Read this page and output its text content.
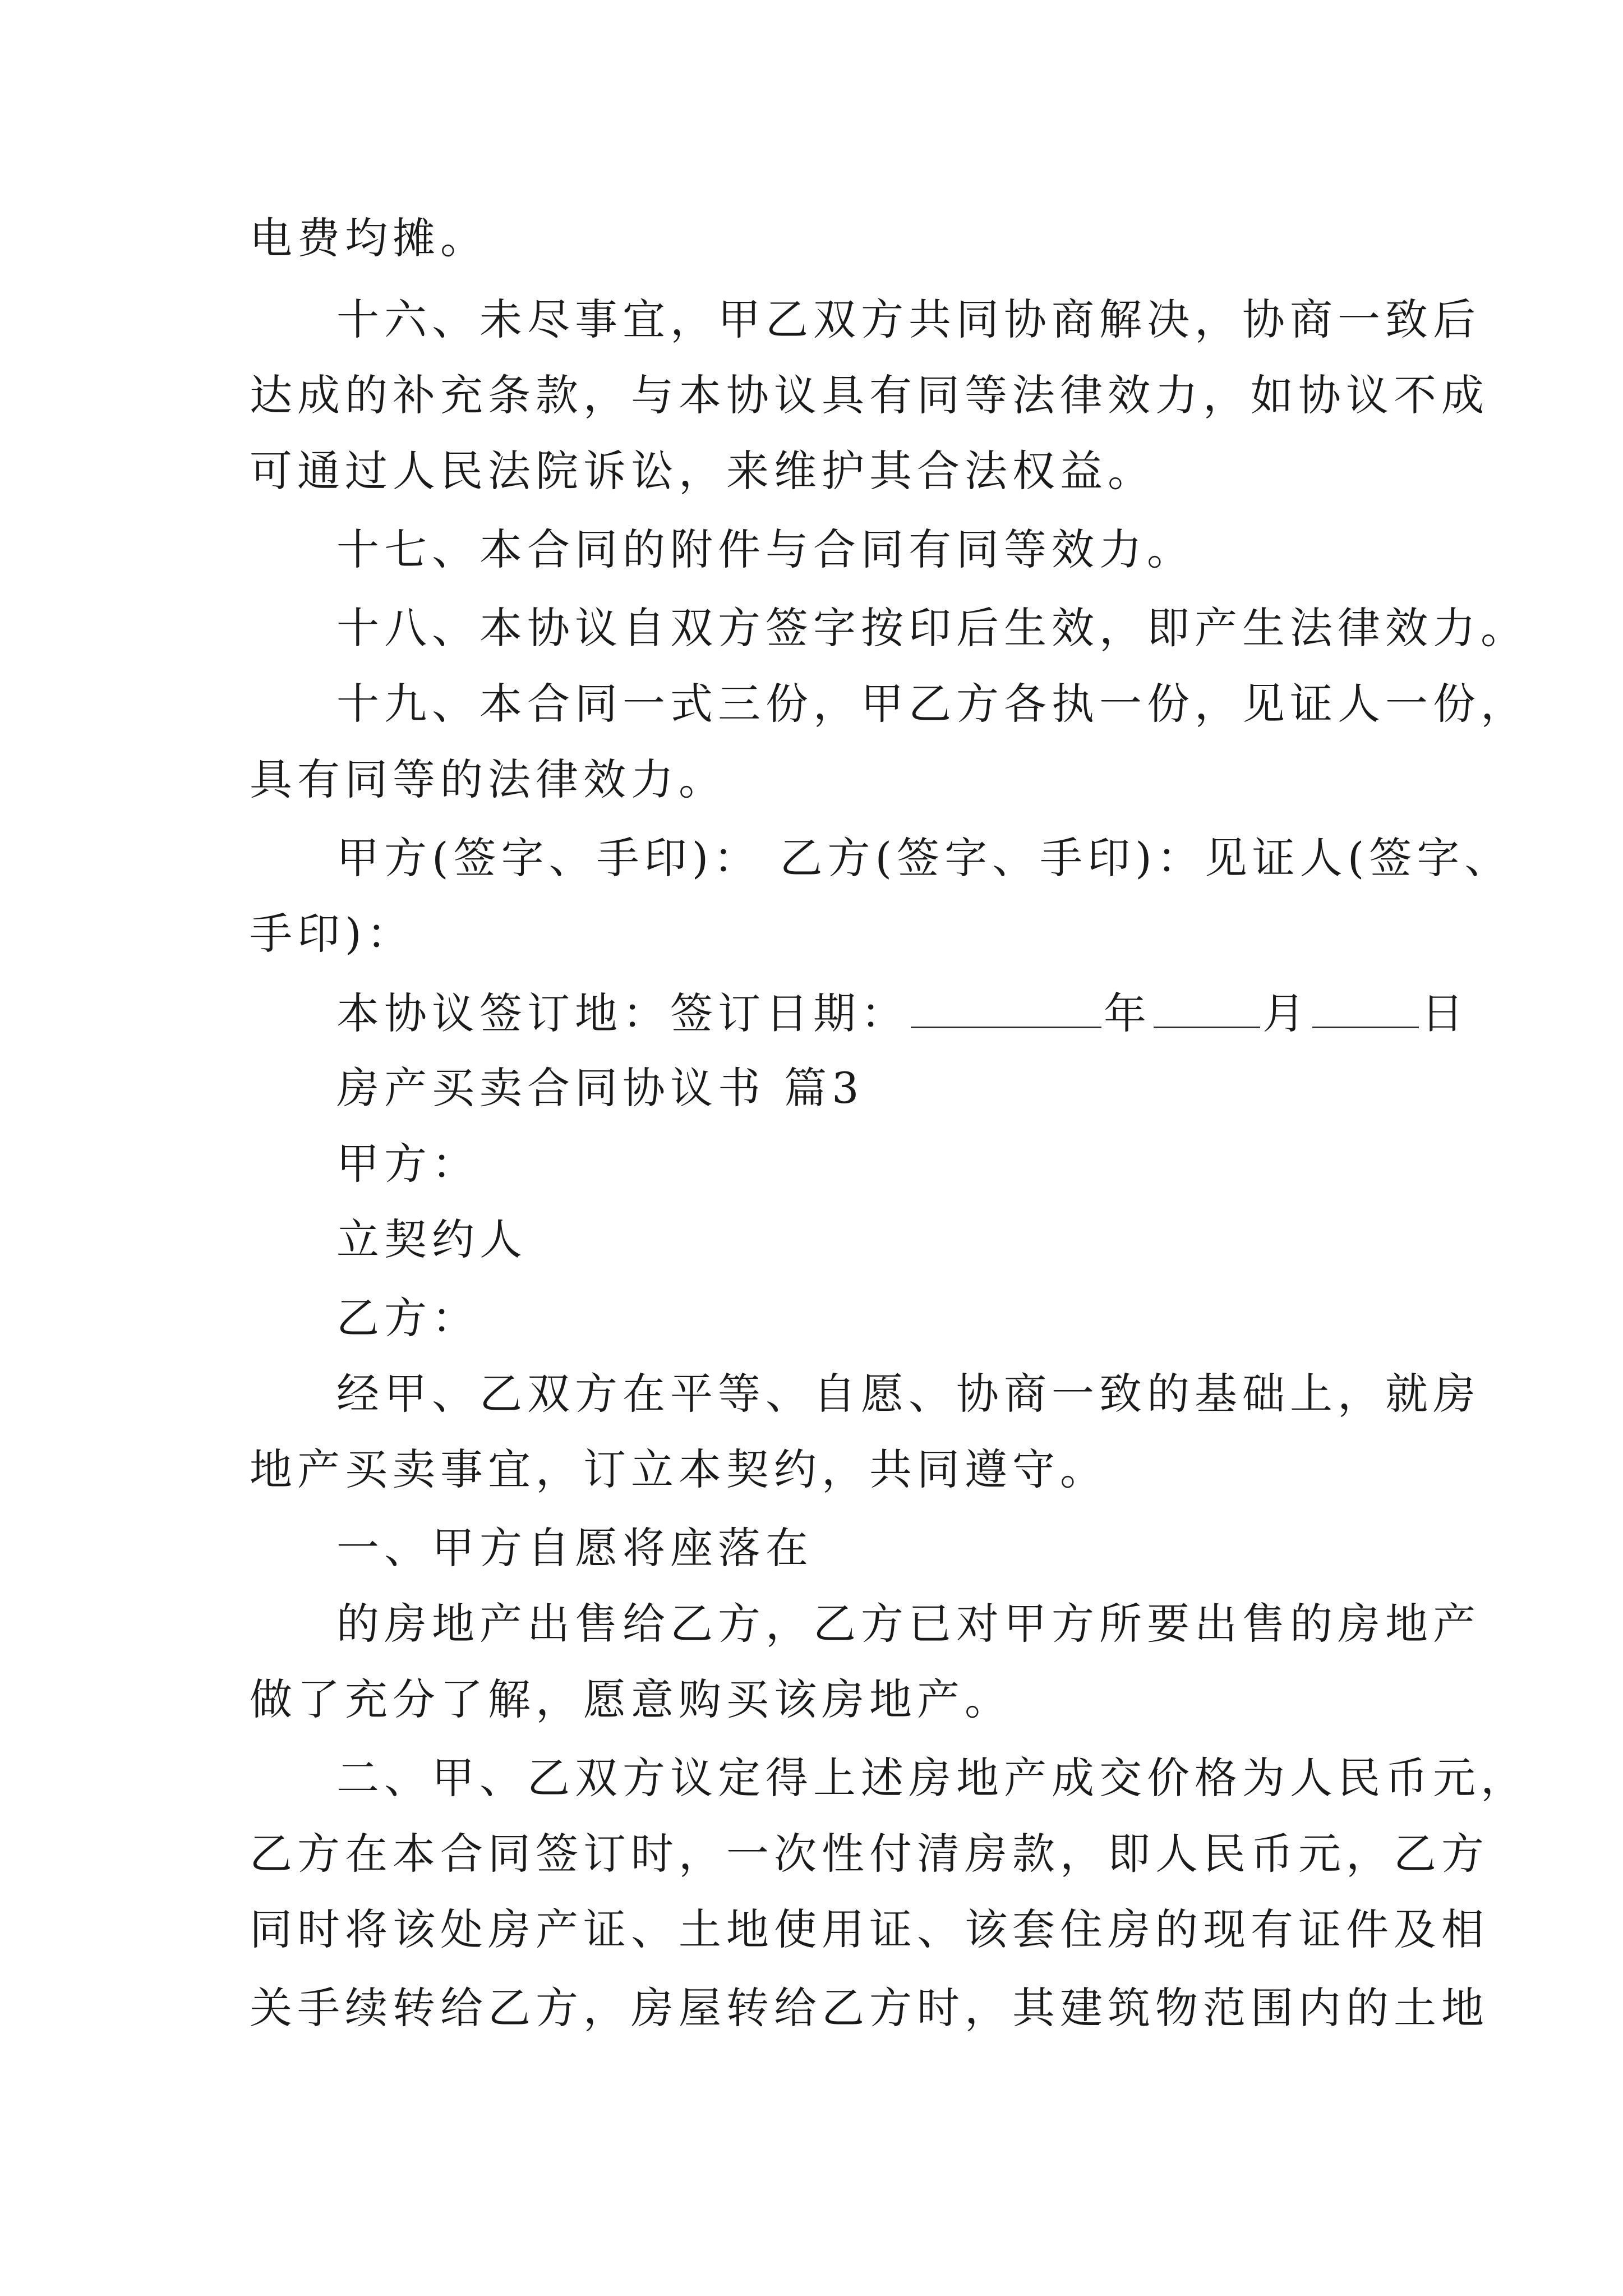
电费均摊。
十六、未尽事宜，甲乙双方共同协商解决，协商一致后
达成的补充条款，与本协议具有同等法律效力，如协议不成
可通过人民法院诉讼，来维护其合法权益。
十七、本合同的附件与合同有同等效力。
十八、本协议自双方签字按印后生效，即产生法律效力。
十九、本合同一式三份，甲乙方各执一份，见证人一份，
具有同等的法律效力。
甲方(签字、手印)： 乙方(签字、手印)：见证人(签字、
手印)：
本协议签订地：签订日期：	年	月	日
房产买卖合同协议书 篇3
甲方：
立契约人
乙方：
经甲、乙双方在平等、自愿、协商一致的基础上，就房
地产买卖事宜，订立本契约，共同遵守。
一、甲方自愿将座落在
的房地产出售给乙方，乙方已对甲方所要出售的房地产
做了充分了解，愿意购买该房地产。
二、甲、乙双方议定得上述房地产成交价格为人民币元，
乙方在本合同签订时，一次性付清房款，即人民币元，乙方
同时将该处房产证、土地使用证、该套住房的现有证件及相
关手续转给乙方，房屋转给乙方时，其建筑物范围内的土地
